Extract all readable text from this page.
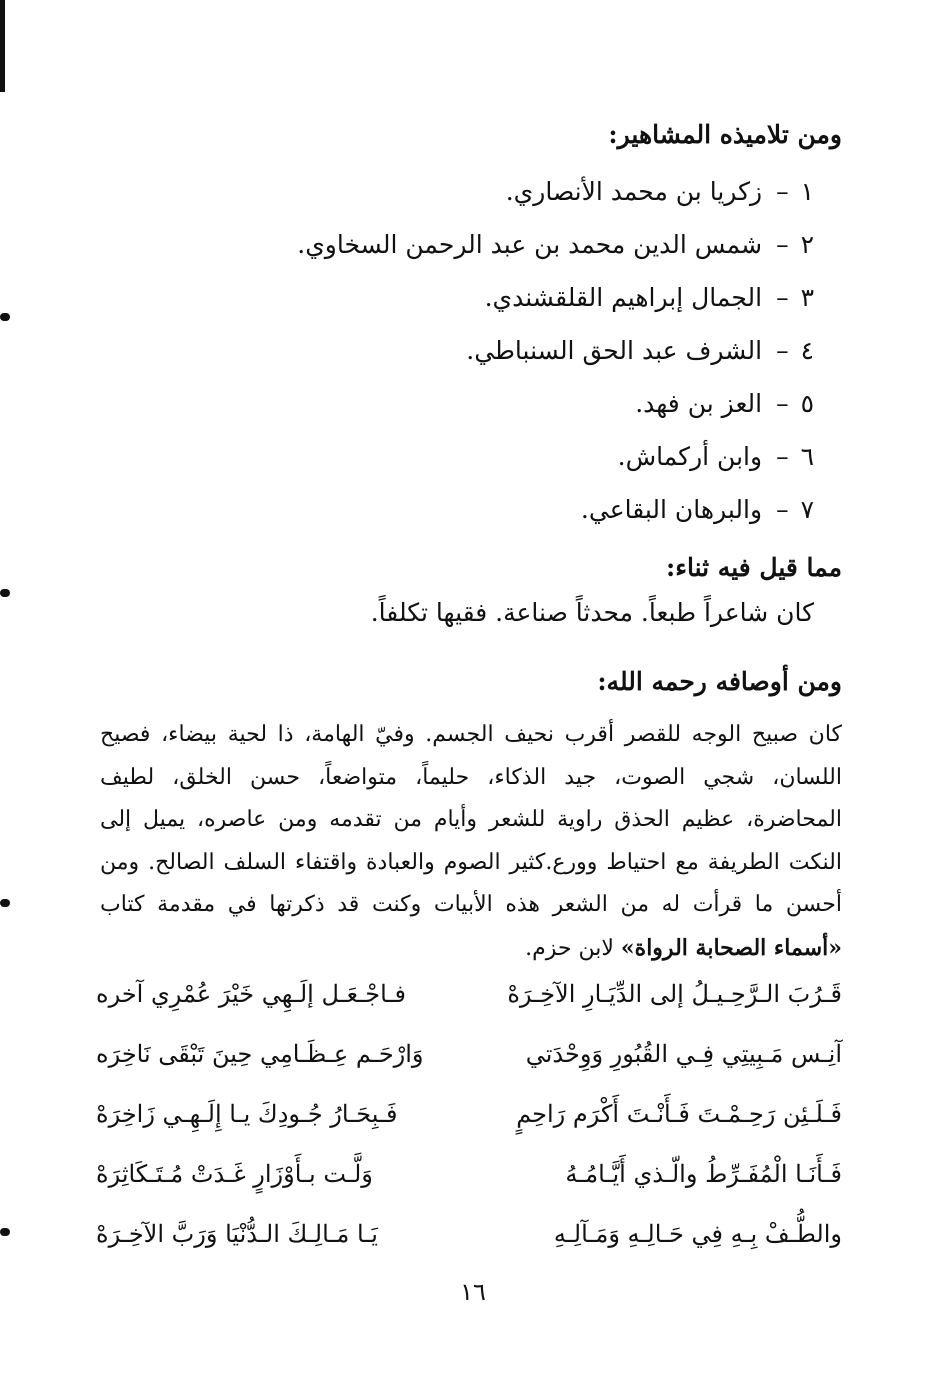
ومن تلاميذه المشاهير:
١–زكريا بن محمد الأنصاري.
٢–شمس الدين محمد بن عبد الرحمن السخاوي.
٣–الجمال إبراهيم القلقشندي.
٤–الشرف عبد الحق السنباطي.
٥–العز بن فهد.
٦–وابن أركماش.
٧–والبرهان البقاعي.
مما قيل فيه ثناء:
كان شاعراً طبعاً. محدثاً صناعة. فقيها تكلفاً.
ومن أوصافه رحمه الله:
كان صبيح الوجه للقصر أقرب نحيف الجسم. وفيّ الهامة، ذا لحية بيضاء، فصيح اللسان، شجي الصوت، جيد الذكاء، حليماً، متواضعاً، حسن الخلق، لطيف المحاضرة، عظيم الحذق راوية للشعر وأيام من تقدمه ومن عاصره، يميل إلى النكت الطريفة مع احتياط وورع.كثير الصوم والعبادة واقتفاء السلف الصالح. ومن أحسن ما قرأت له من الشعر هذه الأبيات وكنت قد ذكرتها في مقدمة كتاب «أسماء الصحابة الرواة» لابن حزم.
قَـرُبَ الـرَّحِـيـلُ إلى الدِّيَـارِ الآخِـرَهْ
فـاجْـعَـل إلَـهِي خَيْرَ عُمْرِي آخره
آنِـس مَـبِيتِي فِـي القُبُورِ وَوِحْدَتي
وَارْحَـم عِـظَـامِي حِينَ تَبْقَى نَاخِرَه
فَـلَـئِن رَحِـمْـتَ فَـأَنْـتَ أَكْرَم رَاحِمٍ
فَـبِحَـارُ جُـودِكَ يـا إِلَـهِـي زَاخِرَهْ
فَـأَنَـا الْمُفَـرِّطُ والّـذي أَيَّـامُـهُ
وَلَّـت بـأَوْزَارٍ غَـدَتْ مُـتَـكَاثِرَهْ
والطُّـفْ بِـهِ فِي حَـالِـهِ وَمَـآلِـهِ
يَـا مَـالِـكَ الـدُّنْيَا وَرَبَّ الآخِـرَهْ
١٦
